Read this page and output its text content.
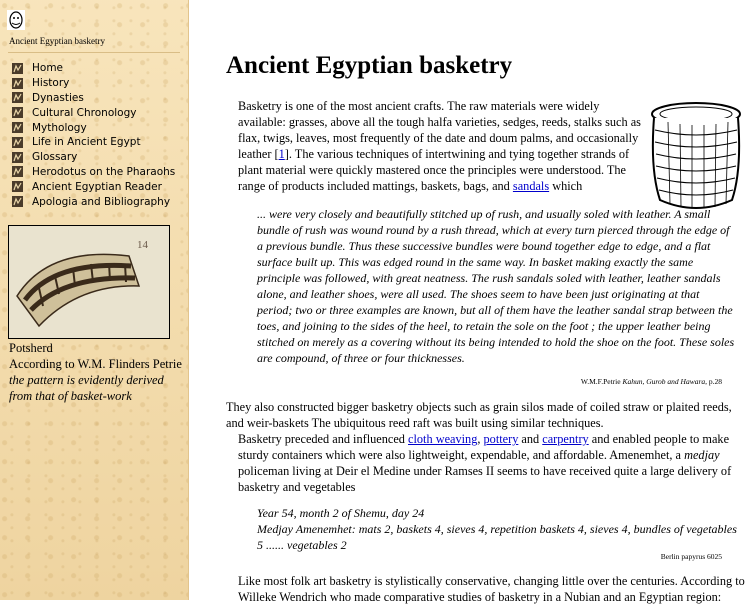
Ancient Egyptian basketry
Home
History
Dynasties
Cultural Chronology
Mythology
Life in Ancient Egypt
Glossary
Herodotus on the Pharaohs
Ancient Egyptian Reader
Apologia and Bibliography
14
Potsherd
According to W.M. Flinders Petrie the pattern is evidently derived from that of basket-work
Ancient Egyptian basketry

Basketry is one of the most ancient crafts. The raw materials were widely available: grasses, above all the tough halfa varieties, sedges, reeds, stalks such as flax, twigs, leaves, most frequently of the date and doum palms, and occasionally leather [1]. The various techniques of intertwining and tying together strands of plant material were quickly mastered once the principles were understood. The range of products included mattings, baskets, bags, and sandals which

... were very closely and beautifully stitched up of rush, and usually soled with leather. A small bundle of rush was wound round by a rush thread, which at every turn pierced through the edge of a previous bundle. Thus these successive bundles were bound together edge to edge, and a flat surface built up. This was edged round in the same way. In basket making exactly the same principle was followed, with great neatness. The rush sandals soled with leather, leather sandals alone, and leather shoes, were all used. The shoes seem to have been just originating at that period; two or three examples are known, but all of them have the leather sandal strap between the toes, and joining to the sides of the heel, to retain the sole on the foot ; the upper leather being stitched on merely as a covering without its being intended to hold the shoe on the foot. These soles are compound, of three or four thicknesses.

W.M.F.Petrie Kahun, Gurob and Hawara, p.28

They also constructed bigger basketry objects such as grain silos made of coiled straw or plaited reeds, and weir-baskets The ubiquitous reed raft was built using similar techniques.

Basketry preceded and influenced cloth weaving, pottery and carpentry and enabled people to make sturdy containers which were also lightweight, expendable, and affordable. Amenemhet, a medjay policeman living at Deir el Medine under Ramses II seems to have received quite a large delivery of basketry and vegetables

Year 54, month 2 of Shemu, day 24
Medjay Amenemhet: mats 2, baskets 4, sieves 4, repetition baskets 4, sieves 4, bundles of vegetables 5 ...... vegetables 2
Berlin papyrus 6025

Like most folk art basketry is stylistically conservative, changing little over the centuries. According to Willeke Wendrich who made comparative studies of basketry in a Nubian and an Egyptian region:
